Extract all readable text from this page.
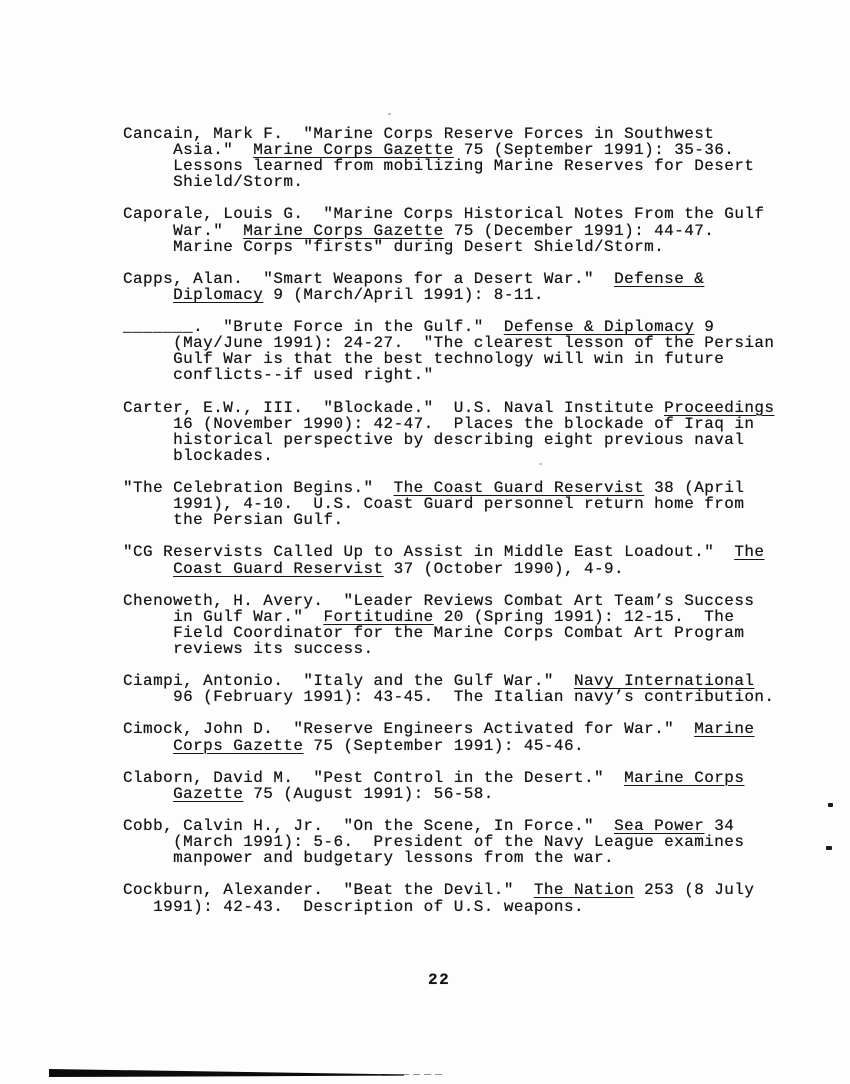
Cancain, Mark F.  "Marine Corps Reserve Forces in Southwest
Asia."  Marine Corps Gazette 75 (September 1991): 35-36.
Lessons learned from mobilizing Marine Reserves for Desert
Shield/Storm.
Caporale, Louis G.  "Marine Corps Historical Notes From the Gulf
War."  Marine Corps Gazette 75 (December 1991): 44-47.
Marine Corps "firsts" during Desert Shield/Storm.
Capps, Alan.  "Smart Weapons for a Desert War."  Defense &
Diplomacy 9 (March/April 1991): 8-11.
_______.  "Brute Force in the Gulf."  Defense & Diplomacy 9
(May/June 1991): 24-27.  "The clearest lesson of the Persian
Gulf War is that the best technology will win in future
conflicts--if used right."
Carter, E.W., III.  "Blockade."  U.S. Naval Institute Proceedings
16 (November 1990): 42-47.  Places the blockade of Iraq in
historical perspective by describing eight previous naval
blockades.
"The Celebration Begins."  The Coast Guard Reservist 38 (April
1991), 4-10.  U.S. Coast Guard personnel return home from
the Persian Gulf.
"CG Reservists Called Up to Assist in Middle East Loadout."  The
Coast Guard Reservist 37 (October 1990), 4-9.
Chenoweth, H. Avery.  "Leader Reviews Combat Art Team’s Success
in Gulf War."  Fortitudine 20 (Spring 1991): 12-15.  The
Field Coordinator for the Marine Corps Combat Art Program
reviews its success.
Ciampi, Antonio.  "Italy and the Gulf War."  Navy International
96 (February 1991): 43-45.  The Italian navy’s contribution.
Cimock, John D.  "Reserve Engineers Activated for War."  Marine
Corps Gazette 75 (September 1991): 45-46.
Claborn, David M.  "Pest Control in the Desert."  Marine Corps
Gazette 75 (August 1991): 56-58.
Cobb, Calvin H., Jr.  "On the Scene, In Force."  Sea Power 34
(March 1991): 5-6.  President of the Navy League examines
manpower and budgetary lessons from the war.
Cockburn, Alexander.  "Beat the Devil."  The Nation 253 (8 July
1991): 42-43.  Description of U.S. weapons.
22
